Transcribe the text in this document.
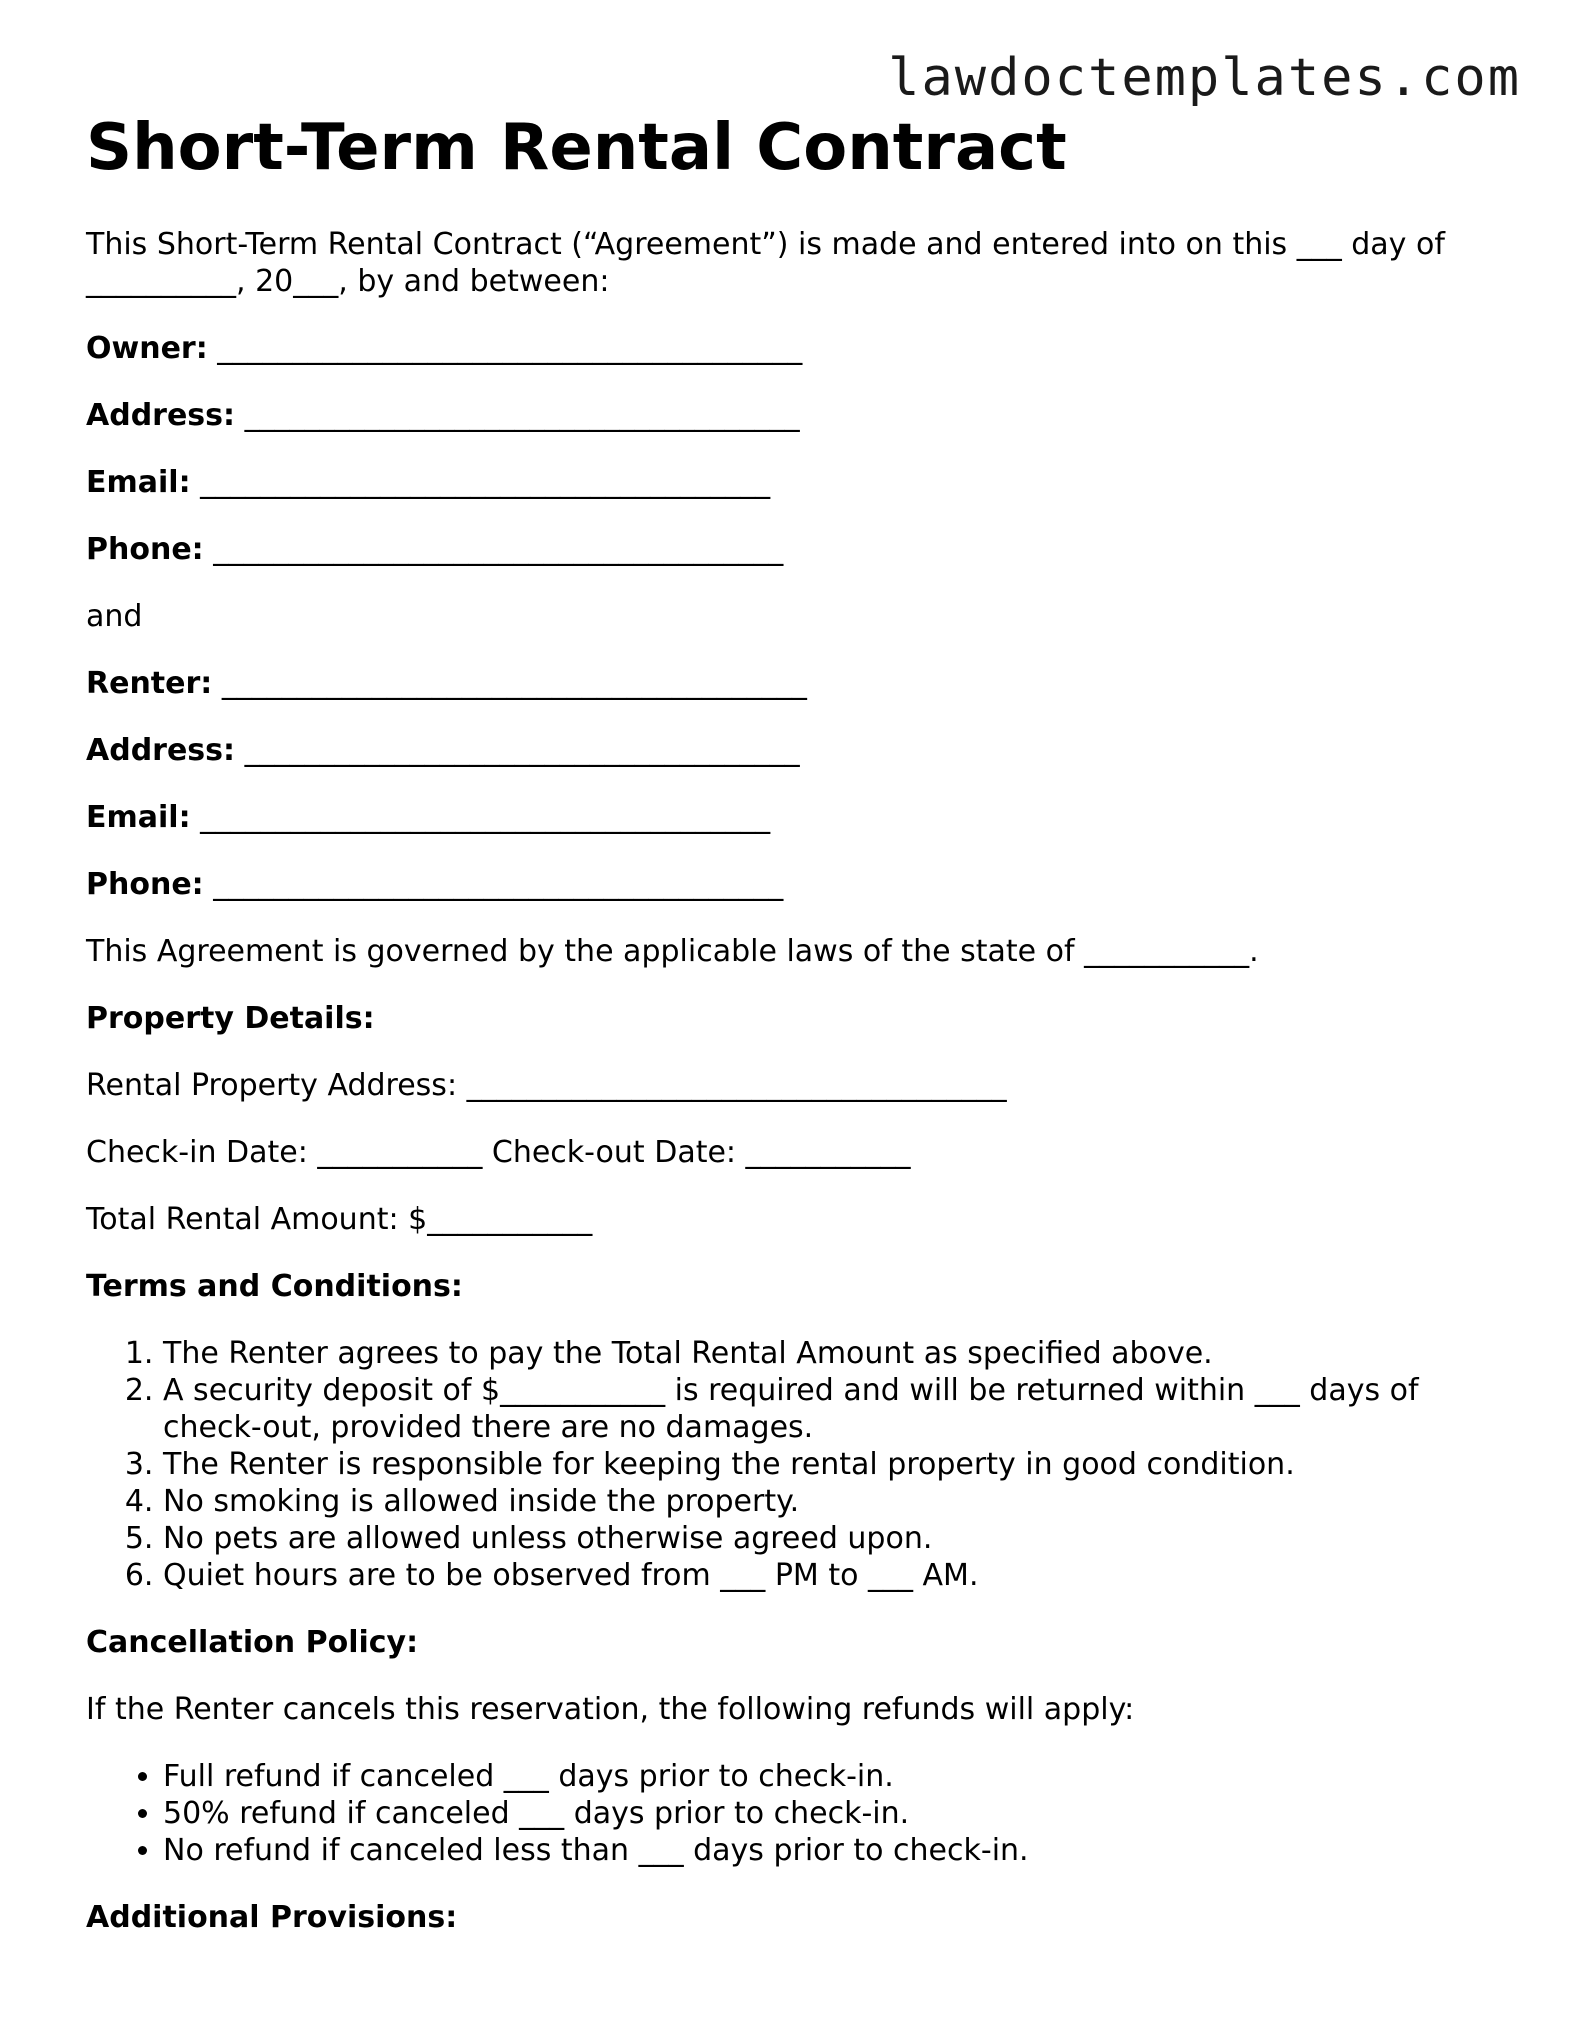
lawdoctemplates.com
Short-Term Rental Contract

This Short-Term Rental Contract (“Agreement”) is made and entered into on this ___ day of __________, 20___, by and between:

Owner: _______________________________________

Address: _____________________________________

Email: ______________________________________

Phone: ______________________________________

and

Renter: _______________________________________

Address: _____________________________________

Email: ______________________________________

Phone: ______________________________________

This Agreement is governed by the applicable laws of the state of ___________.

Property Details:

Rental Property Address: ____________________________________

Check-in Date: ___________ Check-out Date: ___________

Total Rental Amount: $___________

Terms and Conditions:

1. The Renter agrees to pay the Total Rental Amount as specified above.
2. A security deposit of $___________ is required and will be returned within ___ days of check-out, provided there are no damages.
3. The Renter is responsible for keeping the rental property in good condition.
4. No smoking is allowed inside the property.
5. No pets are allowed unless otherwise agreed upon.
6. Quiet hours are to be observed from ___ PM to ___ AM.

Cancellation Policy:

If the Renter cancels this reservation, the following refunds will apply:

• Full refund if canceled ___ days prior to check-in.
• 50% refund if canceled ___ days prior to check-in.
• No refund if canceled less than ___ days prior to check-in.

Additional Provisions:
